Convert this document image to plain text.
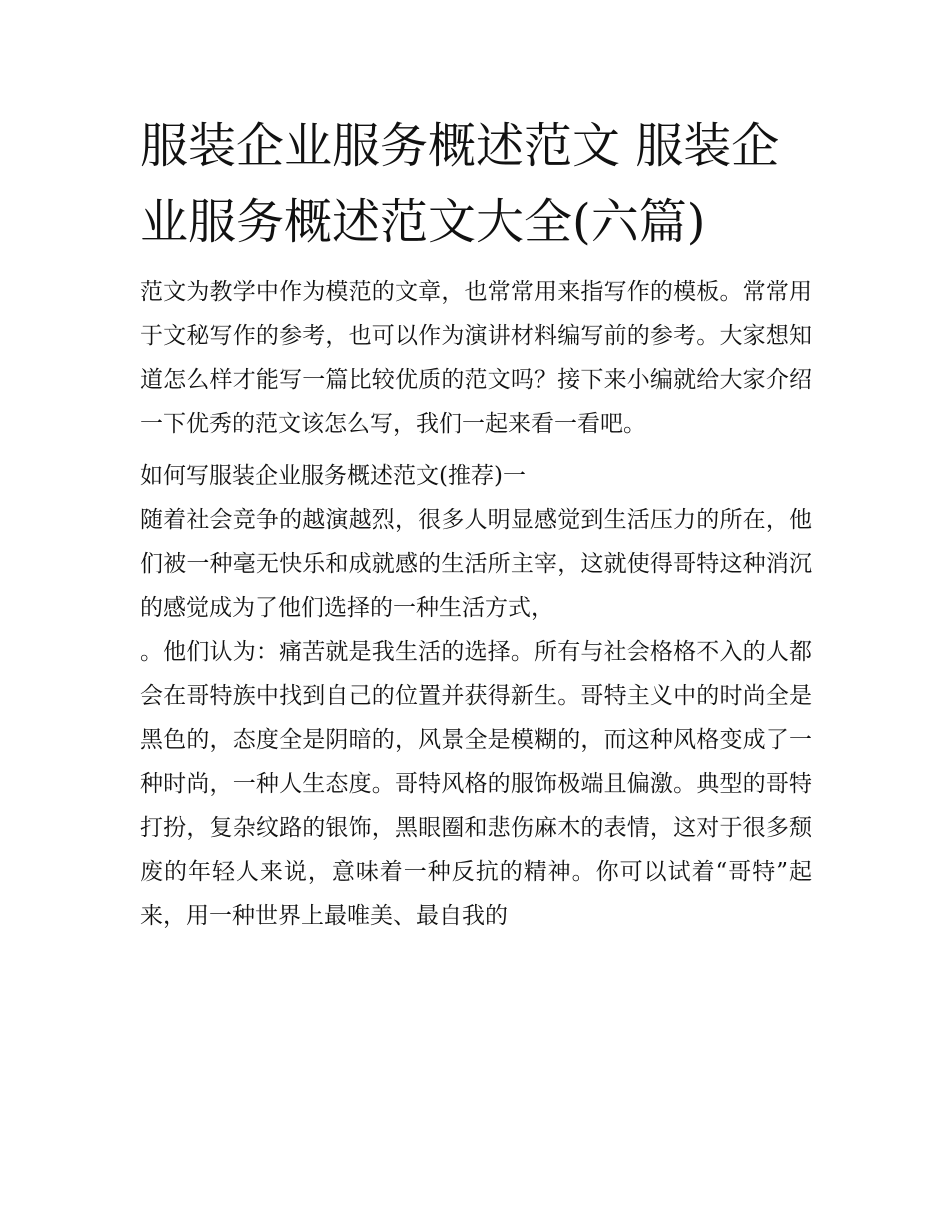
服装企业服务概述范文 服装企业服务概述范文大全(六篇)

范文为教学中作为模范的文章，也常常用来指写作的模板。常常用于文秘写作的参考，也可以作为演讲材料编写前的参考。大家想知道怎么样才能写一篇比较优质的范文吗？接下来小编就给大家介绍一下优秀的范文该怎么写，我们一起来看一看吧。

如何写服装企业服务概述范文(推荐)一

随着社会竞争的越演越烈，很多人明显感觉到生活压力的所在，他们被一种毫无快乐和成就感的生活所主宰，这就使得哥特这种消沉的感觉成为了他们选择的一种生活方式，

。他们认为：痛苦就是我生活的选择。所有与社会格格不入的人都会在哥特族中找到自己的位置并获得新生。哥特主义中的时尚全是黑色的，态度全是阴暗的，风景全是模糊的，而这种风格变成了一种时尚，一种人生态度。哥特风格的服饰极端且偏激。典型的哥特打扮，复杂纹路的银饰，黑眼圈和悲伤麻木的表情，这对于很多颓废的年轻人来说，意味着一种反抗的精神。你可以试着“哥特”起来，用一种世界上最唯美、最自我的
